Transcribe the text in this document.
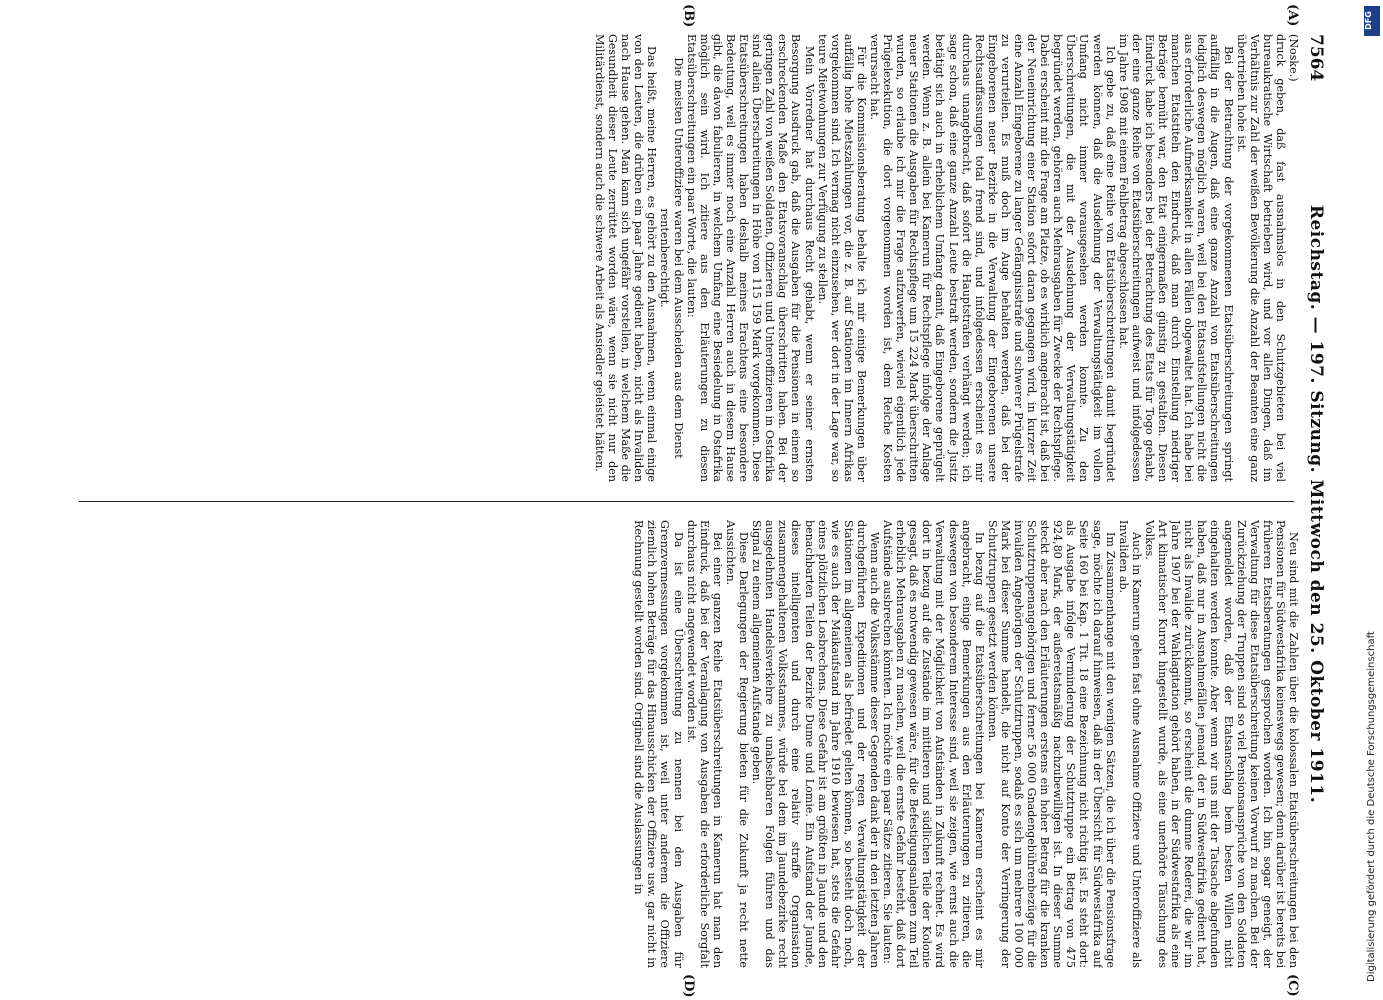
7564
Reichstag. — 197. Sitzung. Mittwoch den 25. Oktober 1911.

(Noske.)

druck geben, daß fast ausnahmslos in den Schutzgebieten bei viel bureaukratische Wirtschaft betrieben wird, und vor allen Dingen, daß im Verhältnis zur Zahl der weißen Bevölkerung die Anzahl der Beamten eine ganz übertrieben hohe ist.

Bei der Betrachtung der vorgekommenen Etatsüberschreitungen springt auffällig in die Augen, daß eine ganze Anzahl von Etatsüberschreitungen lediglich deswegen möglich waren, weil bei den Etatsaufstellungen nicht die aus erforderliche Aufmerksamkeit in allen Fällen obgewaltet hat. Ich habe bei manchen Etatstiteln den Eindruck, daß man durch Einstellung niedriger Beträge bemüht war, den Etat einigermaßen günstig zu gestalten. Diesen Eindruck habe ich besonders bei der Betrachtung des Etats für Togo gehabt, der eine ganze Reihe von Etatsüberschreitungen aufweist und infolgedessen im Jahre 1908 mit einem Fehlbetrag abgeschlossen hat.

Ich gebe zu, daß eine Reihe von Etatsüberschreitungen damit begründet werden können, daß die Ausdehnung der Verwaltungstätigkeit im vollen Umfang nicht immer vorausgesehen werden konnte. Zu den Überschreitungen, die mit der Ausdehnung der Verwaltungstätigkeit begründet werden, gehören auch Mehrausgaben für Zwecke der Rechtspflege. Dabei erscheint mir die Frage am Platze, ob es wirklich angebracht ist, daß bei der Neueinrichtung einer Station sofort daran gegangen wird, in kurzer Zeit eine Anzahl Eingeborene zu langer Gefängnisstrafe und schwerer Prügelstrafe zu verurteilen. Es muß doch im Auge behalten werden, daß bei der Eingeborenen neuer Bezirke in die Verwaltung der Eingeborenen unsere Rechtsauffassungen total fremd sind, und infolgedessen erscheint es mir durchaus unangebracht, daß sofort die Hauptstrafen verhängt werden; ich sage schon, daß eine ganze Anzahl Leute bestraft werden, sondern die Justiz betätigt sich auch in erheblichem Umfang damit, daß Eingeborene geprügelt werden. Wenn z. B. allein bei Kamerun für Rechtspflege infolge der Anlage neuer Stationen die Ausgaben für Rechtspflege um 15 224 Mark überschritten wurden, so erlaube ich mir die Frage aufzuwerfen, wieviel eigentlich jede Prügelexekution, die dort vorgenommen worden ist, dem Reiche Kosten verursacht hat.

Für die Kommissionsberatung behalte ich mir einige Bemerkungen über auffällig hohe Mietszahlungen vor, die z. B. auf Stationen im Innern Afrikas vorgekommen sind. Ich vermag nicht einzusehen, wer dort in der Lage war, so teure Mietwohnungen zur Verfügung zu stellen.

Mein Vorredner hat durchaus Recht gehabt, wenn er seiner ernsten Besorgung Ausdruck gab, daß die Ausgaben für die Pensionen in einem so erschreckenden Maße den Etatsvoranschlag überschritten haben. Bei der geringen Zahl von weißen Soldaten, Offizieren und Unteroffizieren in Ostafrika sind allein Überschreitungen in Höhe von 115 159 Mark vorgekommen. Diese Etatsüberschreitungen haben deshalb meines Erachtens eine besondere Bedeutung, weil es immer noch eine Anzahl Herren auch in diesem Hause gibt, die davon fabulieren, in welchem Umfang eine Besiedelung in Ostafrika möglich sein wird. Ich zitiere aus den Erläuterungen zu diesen Etatsüberschreitungen ein paar Worte, die lauten:

Die meisten Unteroffiziere waren bei dem Ausscheiden aus dem Dienst rentenberechtigt.

Das heißt, meine Herren, es gehört zu den Ausnahmen, wenn einmal einige von den Leuten, die drüben ein paar Jahre gedient haben, nicht als Invaliden nach Hause gehen. Man kann sich ungefähr vorstellen, in welchem Maße die Gesundheit dieser Leute zerrüttet worden wäre, wenn sie nicht nur den Militärdienst, sondern auch die schwere Arbeit als Ansiedler geleistet hätten.

Neu sind mit die Zahlen über die kolossalen Etatsüberschreitungen bei den Pensionen für Südwestafrika keineswegs gewesen; denn darüber ist bereits bei früheren Etatsberatungen gesprochen worden. Ich bin sogar geneigt, der Verwaltung für diese Etatsüberschreitung keinen Vorwurf zu machen. Bei der Zurückziehung der Truppen sind so viel Pensionsansprüche von den Soldaten angemeldet worden, daß der Etatsanschlag beim besten Willen nicht eingehalten werden konnte. Aber wenn wir uns mit der Tatsache abgefunden haben, daß nur in Ausnahmefällen jemand, der in Südwestafrika gedient hat, nicht als Invalide zurückkommt, so erscheint die dumme Rederei, die wir im Jahre 1907 bei der Wahlagitation gehört haben, in der Südwestafrika als eine Art klimatischer Kurort hingestellt wurde, als eine unerhörte Täuschung des Volkes.

Auch in Kamerun gehen fast ohne Ausnahme Offiziere und Unteroffiziere als Invaliden ab.

Im Zusammenhange mit den wenigen Sätzen, die ich über die Pensionsfrage sage, möchte ich darauf hinweisen, daß in der Übersicht für Südwestafrika auf Seite 160 bei Kap. 1 Tit. 18 eine Bezeichnung nicht richtig ist. Es steht dort: als Ausgabe infolge Verminderung der Schutztruppe ein Betrag von 475 924,80 Mark, der außeretatsmäßig nachzubewilligen ist. In dieser Summe steckt aber nach den Erläuterungen erstens ein hoher Betrag für die kranken Schutztruppenangehörigen und ferner 56 000 Gnadengebührenbezüge für die invaliden Angehörigen der Schutztruppen, sodaß es sich um mehrere 100 000 Mark bei dieser Summe handelt, die nicht auf Konto der Verringerung der Schutztruppen gesetzt werden können.

In bezug auf die Etatsüberschreitungen bei Kamerun erscheint es mir angebracht, einige Bemerkungen aus den Erläuterungen zu zitieren, die deswegen von besonderem Interesse sind, weil sie zeigen, wie ernst auch die Verwaltung mit der Möglichkeit von Aufständen in Zukunft rechnet. Es wird dort in bezug auf die Zustände im mittleren und südlichen Teile der Kolonie gesagt, daß es notwendig gewesen wäre, für die Befestigungsanlagen zum Teil erheblich Mehrausgaben zu machen, weil die ernste Gefahr besteht, daß dort Aufstände ausbrechen könnten. Ich möchte ein paar Sätze zitieren. Sie lauten:

Wenn auch die Volksstämme dieser Gegenden dank der in den letzten Jahren durchgeführten Expeditionen und der regen Verwaltungstätigkeit der Stationen im allgemeinen als befriedet gelten können, so besteht doch noch, wie es auch der Maikaufstand im Jahre 1910 bewiesen hat, stets die Gefahr eines plötzlichen Losbrechens. Diese Gefahr ist am größten in Jaunde und den benachbarten Teilen der Bezirke Dume und Lomie. Ein Aufstand der Jaunde, dieses intelligenten und durch eine relativ straffe Organisation zusammengehaltenen Volksstammes, würde bei dem im Jaundebezirke recht ausgedehnten Handelsverkehre zu unabsehbaren Folgen führen und das Signal zu einem allgemeinen Aufstande geben.

Diese Darlegungen der Regierung bieten für die Zukunft ja recht nette Aussichten.

Bei einer ganzen Reihe Etatsüberschreitungen in Kamerun hat man den Eindruck, daß bei der Veranlagung von Ausgaben die erforderliche Sorgfalt durchaus nicht angewendet worden ist.

Da ist eine Überschreitung zu nennen bei den Ausgaben für Grenzvermessungen vorgekommen ist, weil unter anderem die Offiziere ziemlich hohen Beträge für das Hinausschicken der Offiziere usw. gar nicht in Rechnung gestellt worden sind. Originell sind die Auslassungen in

(A)
(B)
(C)
(D)
DFG
Digitalisierung gefördert durch die Deutsche Forschungsgemeinschaft
